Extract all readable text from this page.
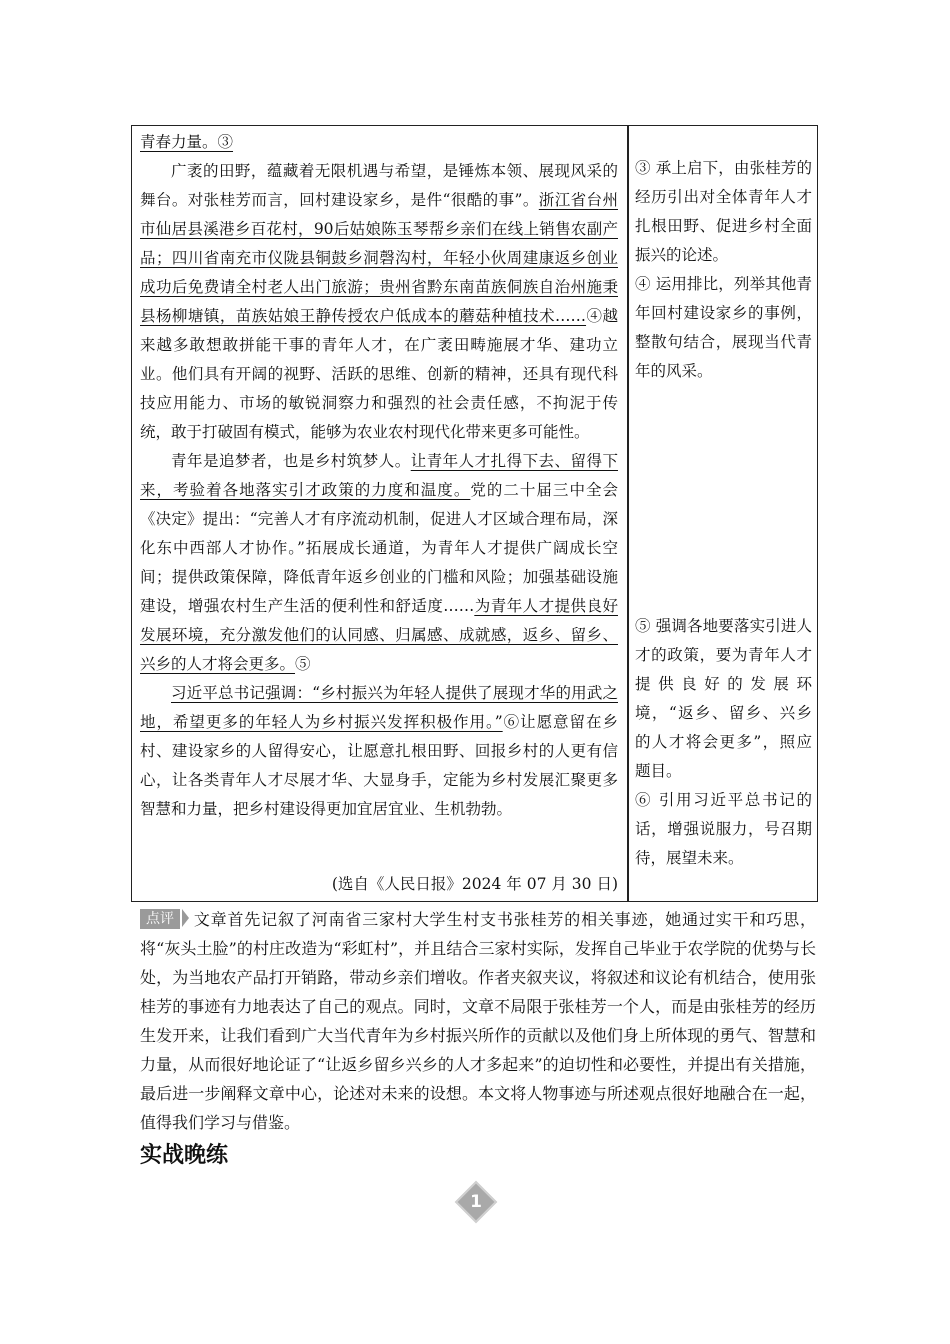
青春力量。③

广袤的田野，蕴藏着无限机遇与希望，是锤炼本领、展现风采的舞台。对张桂芳而言，回村建设家乡，是件“很酷的事”。浙江省台州市仙居县溪港乡百花村，90后姑娘陈玉琴帮乡亲们在线上销售农副产品；四川省南充市仪陇县铜鼓乡洞磬沟村，年轻小伙周建康返乡创业成功后免费请全村老人出门旅游；贵州省黔东南苗族侗族自治州施秉县杨柳塘镇，苗族姑娘王静传授农户低成本的蘑菇种植技术……④越来越多敢想敢拼能干事的青年人才，在广袤田畴施展才华、建功立业。他们具有开阔的视野、活跃的思维、创新的精神，还具有现代科技应用能力、市场的敏锐洞察力和强烈的社会责任感，不拘泥于传统，敢于打破固有模式，能够为农业农村现代化带来更多可能性。

青年是追梦者，也是乡村筑梦人。让青年人才扎得下去、留得下来，考验着各地落实引才政策的力度和温度。党的二十届三中全会《决定》提出：“完善人才有序流动机制，促进人才区域合理布局，深化东中西部人才协作。”拓展成长通道，为青年人才提供广阔成长空间；提供政策保障，降低青年返乡创业的门槛和风险；加强基础设施建设，增强农村生产生活的便利性和舒适度……为青年人才提供良好发展环境，充分激发他们的认同感、归属感、成就感，返乡、留乡、兴乡的人才将会更多。⑤

习近平总书记强调：“乡村振兴为年轻人提供了展现才华的用武之地，希望更多的年轻人为乡村振兴发挥积极作用。”⑥让愿意留在乡村、建设家乡的人留得安心，让愿意扎根田野、回报乡村的人更有信心，让各类青年人才尽展才华、大显身手，定能为乡村发展汇聚更多智慧和力量，把乡村建设得更加宜居宜业、生机勃勃。

(选自《人民日报》2024 年 07 月 30 日)
③ 承上启下，由张桂芳的经历引出对全体青年人才扎根田野、促进乡村全面振兴的论述。
④ 运用排比，列举其他青年回村建设家乡的事例，整散句结合，展现当代青年的风采。
⑤ 强调各地要落实引进人才的政策，要为青年人才提供良好的发展环境，“返乡、留乡、兴乡的人才将会更多”，照应题目。
⑥ 引用习近平总书记的话，增强说服力，号召期待，展望未来。
点评 文章首先记叙了河南省三家村大学生村支书张桂芳的相关事迹，她通过实干和巧思，将“灰头土脸”的村庄改造为“彩虹村”，并且结合三家村实际，发挥自己毕业于农学院的优势与长处，为当地农产品打开销路，带动乡亲们增收。作者夹叙夹议，将叙述和议论有机结合，使用张桂芳的事迹有力地表达了自己的观点。同时，文章不局限于张桂芳一个人，而是由张桂芳的经历生发开来，让我们看到广大当代青年为乡村振兴所作的贡献以及他们身上所体现的勇气、智慧和力量，从而很好地论证了“让返乡留乡兴乡的人才多起来”的迫切性和必要性，并提出有关措施，最后进一步阐释文章中心，论述对未来的设想。本文将人物事迹与所述观点很好地融合在一起，值得我们学习与借鉴。
实战晚练
1
